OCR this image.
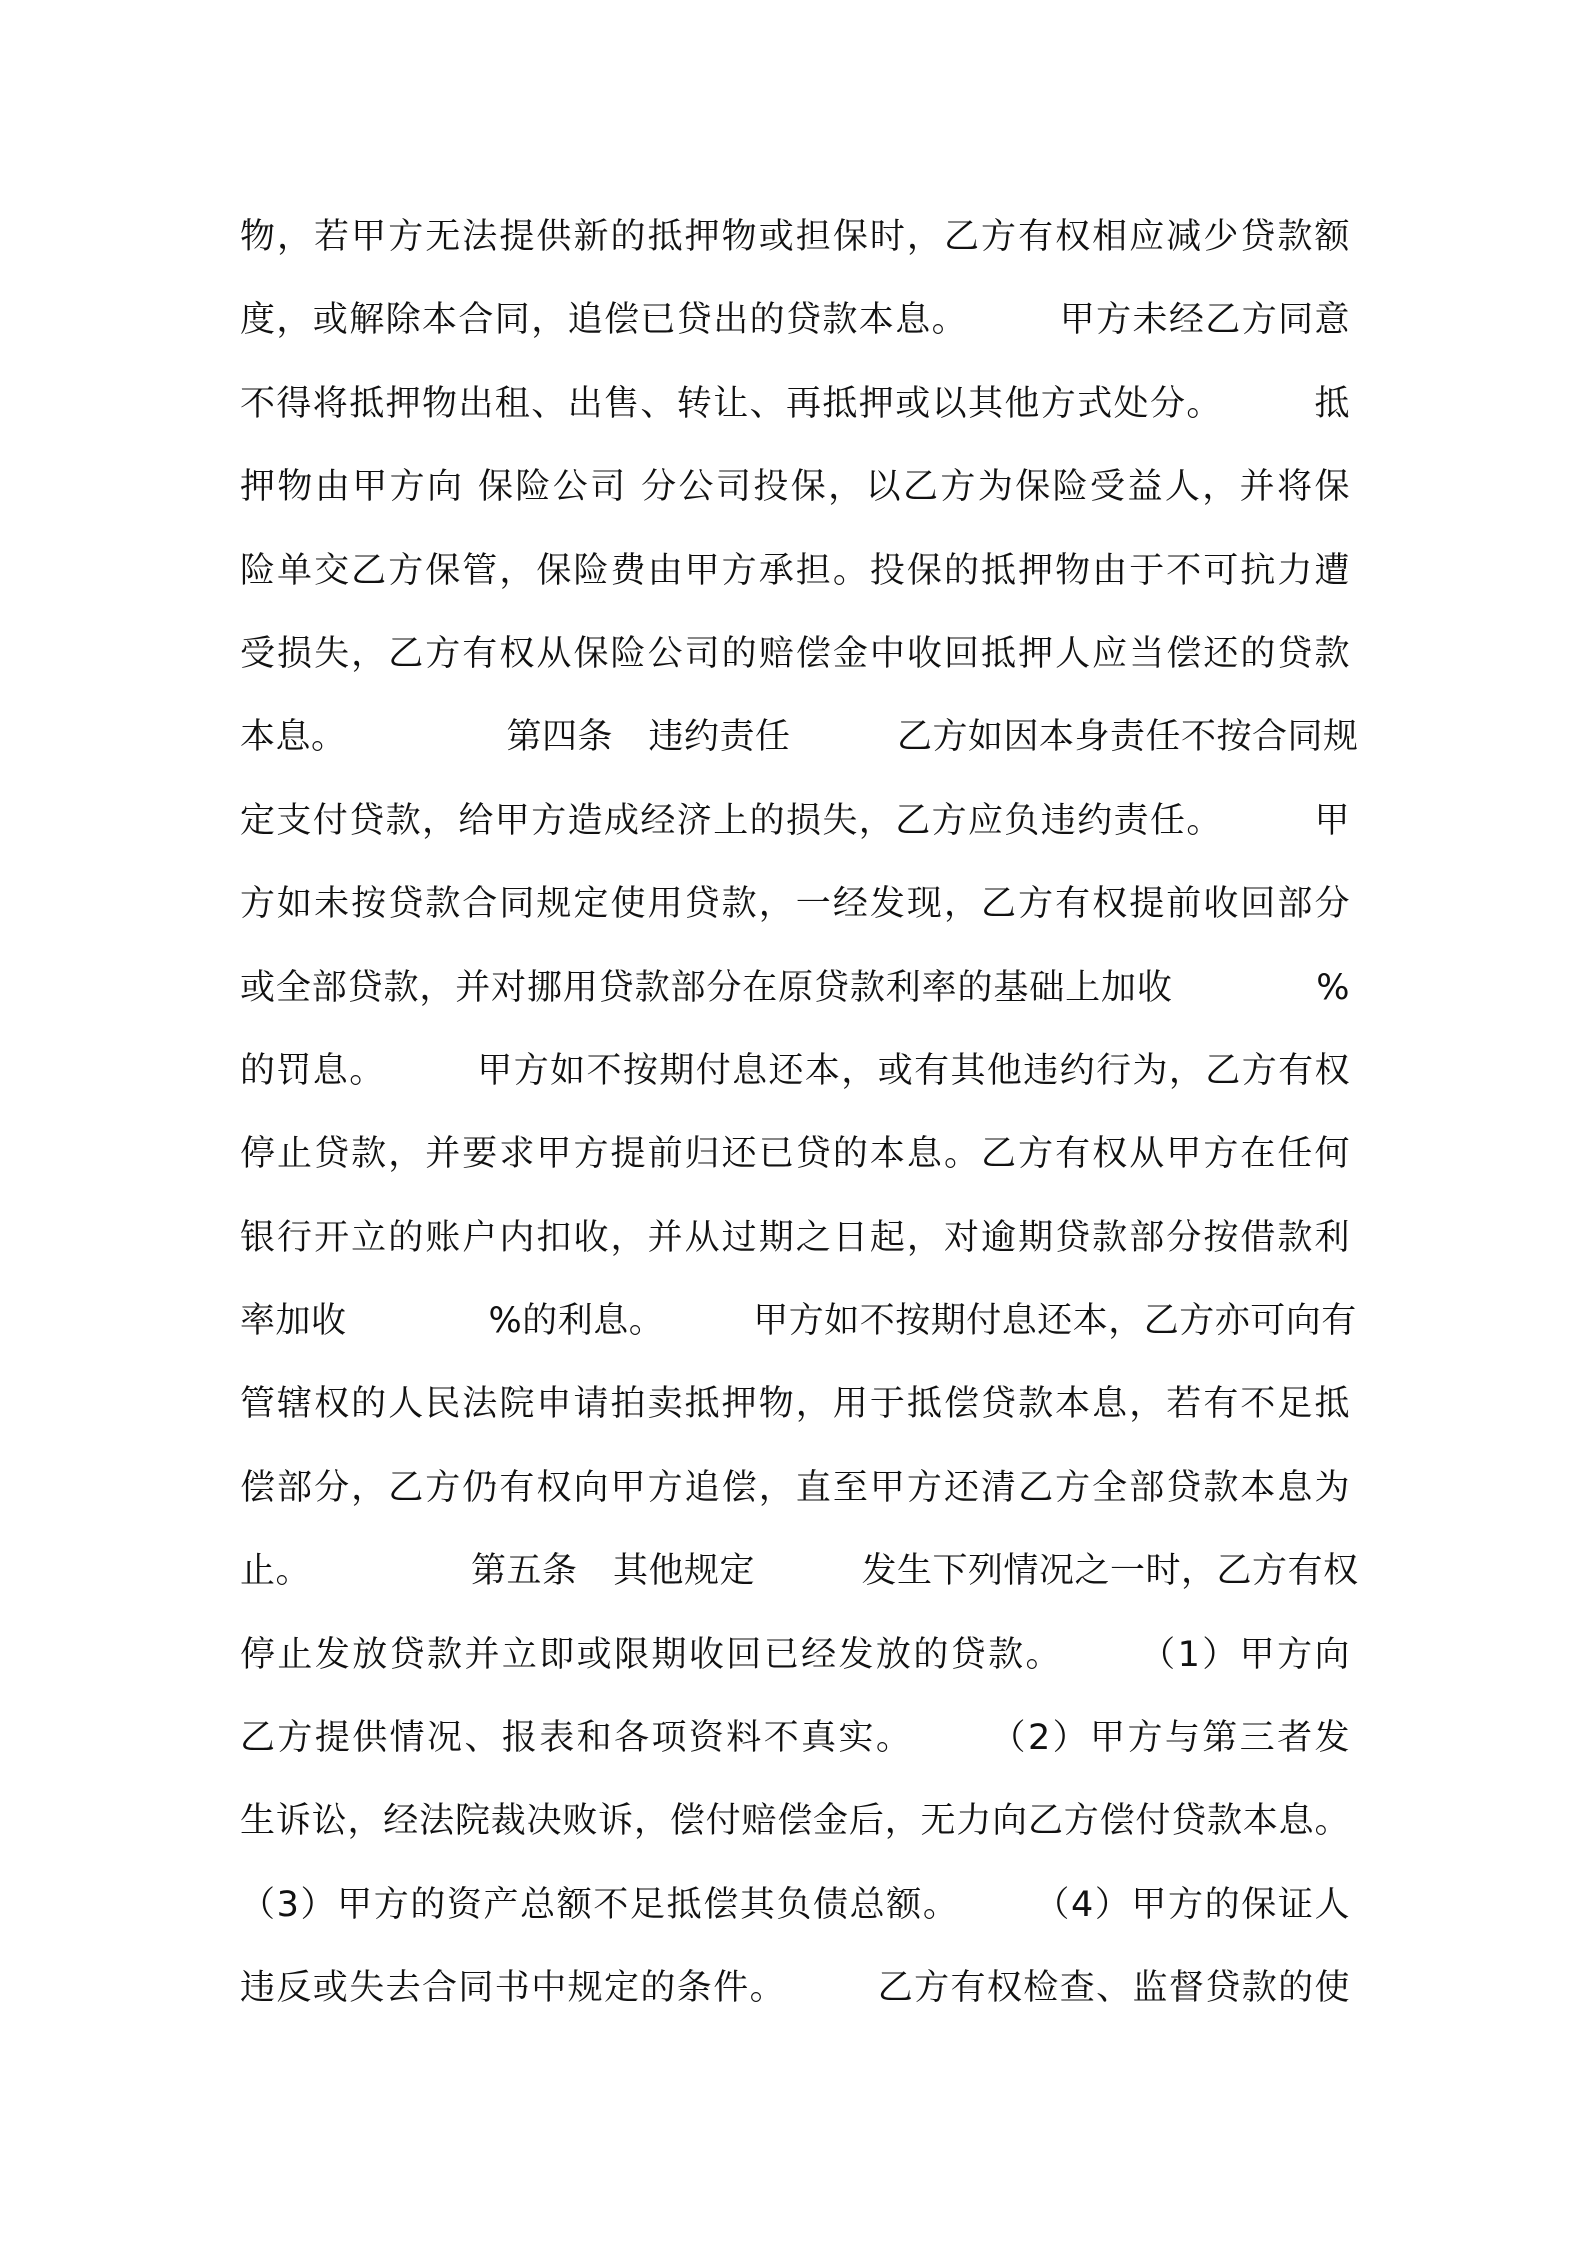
物，若甲方无法提供新的抵押物或担保时，乙方有权相应减少贷款额
度，或解除本合同，追偿已贷出的贷款本息。　　　甲方未经乙方同意
不得将抵押物出租、出售、转让、再抵押或以其他方式处分。　　　抵
押物由甲方向 保险公司 分公司投保，以乙方为保险受益人，并将保
险单交乙方保管，保险费由甲方承担。投保的抵押物由于不可抗力遭
受损失，乙方有权从保险公司的赔偿金中收回抵押人应当偿还的贷款
本息。　　　　　第四条　违约责任　　　乙方如因本身责任不按合同规
定支付贷款，给甲方造成经济上的损失，乙方应负违约责任。　　　甲
方如未按贷款合同规定使用贷款，一经发现，乙方有权提前收回部分
或全部贷款，并对挪用贷款部分在原贷款利率的基础上加收　　　　%
的罚息。　　　甲方如不按期付息还本，或有其他违约行为，乙方有权
停止贷款，并要求甲方提前归还已贷的本息。乙方有权从甲方在任何
银行开立的账户内扣收，并从过期之日起，对逾期贷款部分按借款利
率加收　　　　%的利息。　　　甲方如不按期付息还本，乙方亦可向有
管辖权的人民法院申请拍卖抵押物，用于抵偿贷款本息，若有不足抵
偿部分，乙方仍有权向甲方追偿，直至甲方还清乙方全部贷款本息为
止。　　　　　第五条　其他规定　　　发生下列情况之一时，乙方有权
停止发放贷款并立即或限期收回已经发放的贷款。　　　（1）甲方向
乙方提供情况、报表和各项资料不真实。　　　（2）甲方与第三者发
生诉讼，经法院裁决败诉，偿付赔偿金后，无力向乙方偿付贷款本息。
（3）甲方的资产总额不足抵偿其负债总额。　　　（4）甲方的保证人
违反或失去合同书中规定的条件。　　　乙方有权检查、监督贷款的使
